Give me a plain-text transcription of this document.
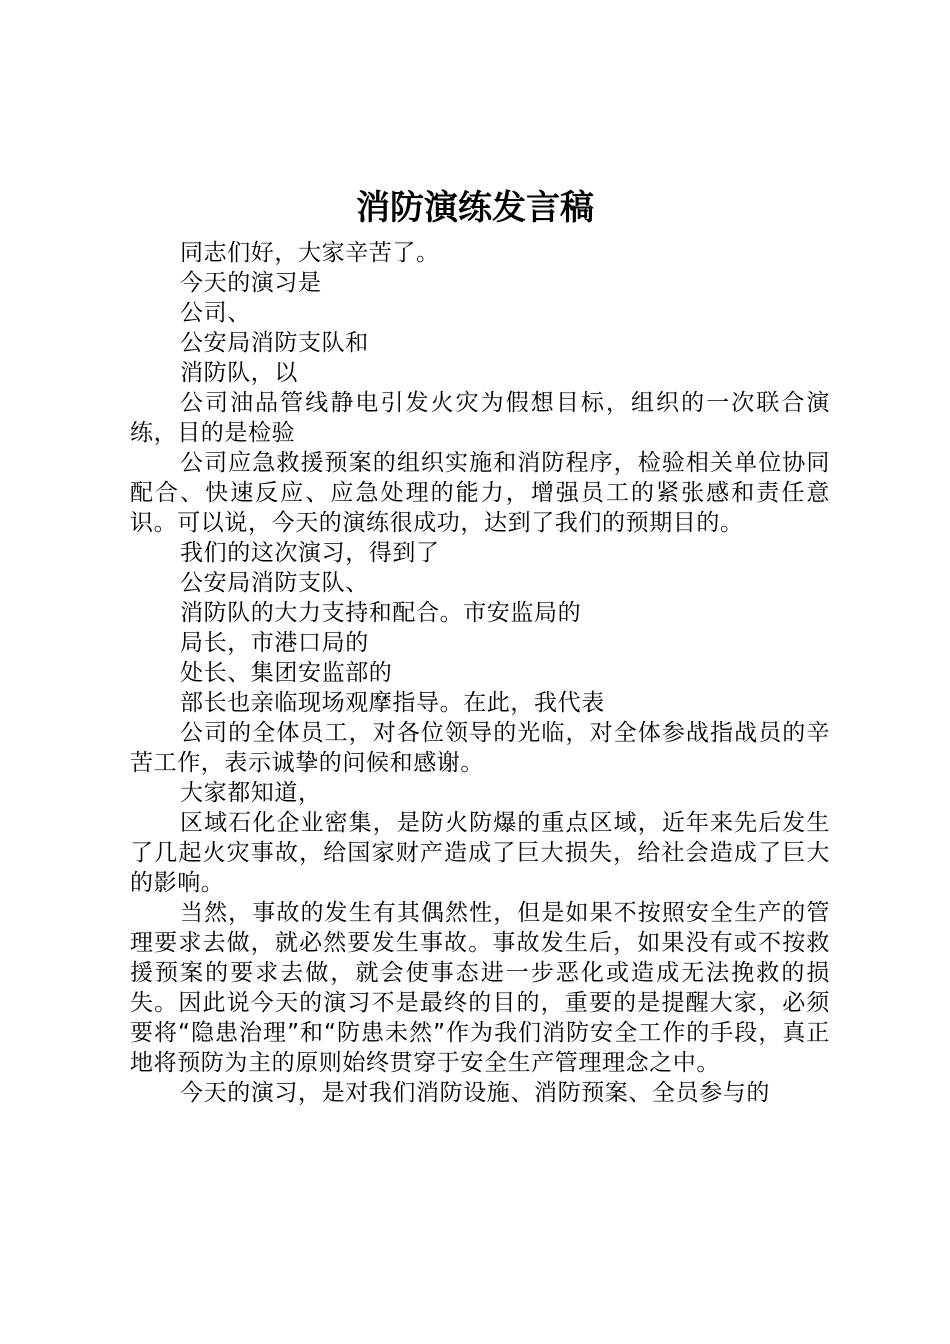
消防演练发言稿

同志们好，大家辛苦了。

今天的演习是

公司、

公安局消防支队和

消防队，以

公司油品管线静电引发火灾为假想目标，组织的一次联合演练，目的是检验

公司应急救援预案的组织实施和消防程序，检验相关单位协同配合、快速反应、应急处理的能力，增强员工的紧张感和责任意识。可以说，今天的演练很成功，达到了我们的预期目的。

我们的这次演习，得到了

公安局消防支队、

消防队的大力支持和配合。市安监局的

局长，市港口局的

处长、集团安监部的

部长也亲临现场观摩指导。在此，我代表

公司的全体员工，对各位领导的光临，对全体参战指战员的辛苦工作，表示诚挚的问候和感谢。

大家都知道，

区域石化企业密集，是防火防爆的重点区域，近年来先后发生了几起火灾事故，给国家财产造成了巨大损失，给社会造成了巨大的影响。

当然，事故的发生有其偶然性，但是如果不按照安全生产的管理要求去做，就必然要发生事故。事故发生后，如果没有或不按救援预案的要求去做，就会使事态进一步恶化或造成无法挽救的损失。因此说今天的演习不是最终的目的，重要的是提醒大家，必须要将“隐患治理”和“防患未然”作为我们消防安全工作的手段，真正地将预防为主的原则始终贯穿于安全生产管理理念之中。

今天的演习，是对我们消防设施、消防预案、全员参与的
